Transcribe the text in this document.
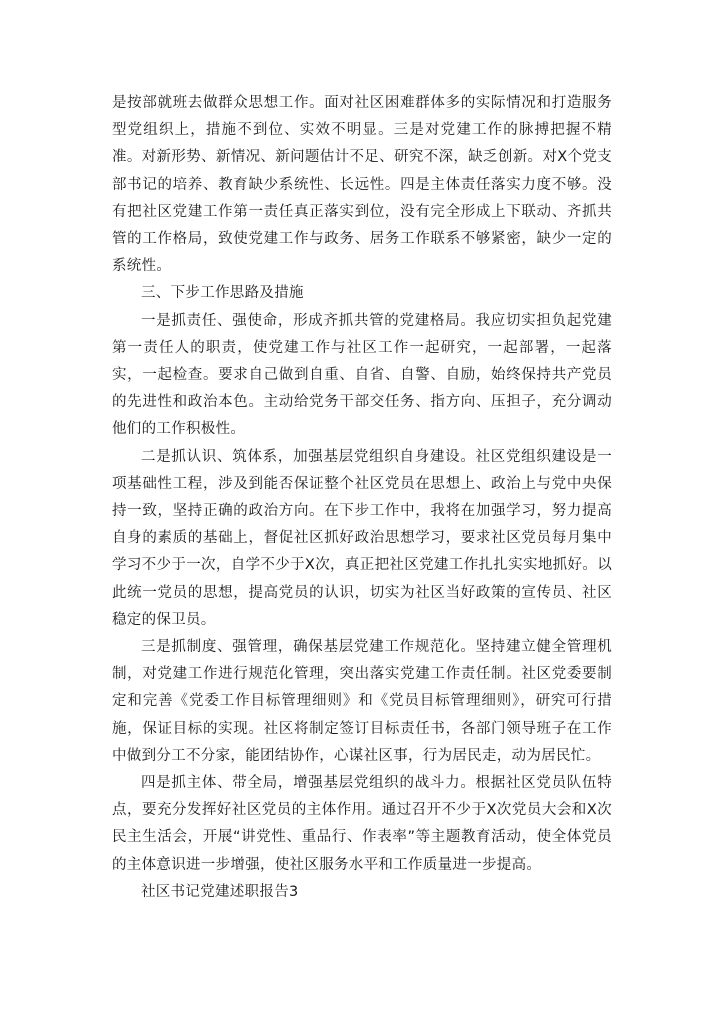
是按部就班去做群众思想工作。面对社区困难群体多的实际情况和打造服务型党组织上，措施不到位、实效不明显。三是对党建工作的脉搏把握不精准。对新形势、新情况、新问题估计不足、研究不深，缺乏创新。对X个党支部书记的培养、教育缺少系统性、长远性。四是主体责任落实力度不够。没有把社区党建工作第一责任真正落实到位，没有完全形成上下联动、齐抓共管的工作格局，致使党建工作与政务、居务工作联系不够紧密，缺少一定的系统性。

三、下步工作思路及措施

一是抓责任、强使命，形成齐抓共管的党建格局。我应切实担负起党建第一责任人的职责，使党建工作与社区工作一起研究，一起部署，一起落实，一起检查。要求自己做到自重、自省、自警、自励，始终保持共产党员的先进性和政治本色。主动给党务干部交任务、指方向、压担子，充分调动他们的工作积极性。

二是抓认识、筑体系，加强基层党组织自身建设。社区党组织建设是一项基础性工程，涉及到能否保证整个社区党员在思想上、政治上与党中央保持一致，坚持正确的政治方向。在下步工作中，我将在加强学习，努力提高自身的素质的基础上，督促社区抓好政治思想学习，要求社区党员每月集中学习不少于一次，自学不少于X次，真正把社区党建工作扎扎实实地抓好。以此统一党员的思想，提高党员的认识，切实为社区当好政策的宣传员、社区稳定的保卫员。

三是抓制度、强管理，确保基层党建工作规范化。坚持建立健全管理机制，对党建工作进行规范化管理，突出落实党建工作责任制。社区党委要制定和完善《党委工作目标管理细则》和《党员目标管理细则》，研究可行措施，保证目标的实现。社区将制定签订目标责任书，各部门领导班子在工作中做到分工不分家，能团结协作，心谋社区事，行为居民走，动为居民忙。

四是抓主体、带全局，增强基层党组织的战斗力。根据社区党员队伍特点，要充分发挥好社区党员的主体作用。通过召开不少于X次党员大会和X次民主生活会，开展“讲党性、重品行、作表率”等主题教育活动，使全体党员的主体意识进一步增强，使社区服务水平和工作质量进一步提高。

社区书记党建述职报告3
